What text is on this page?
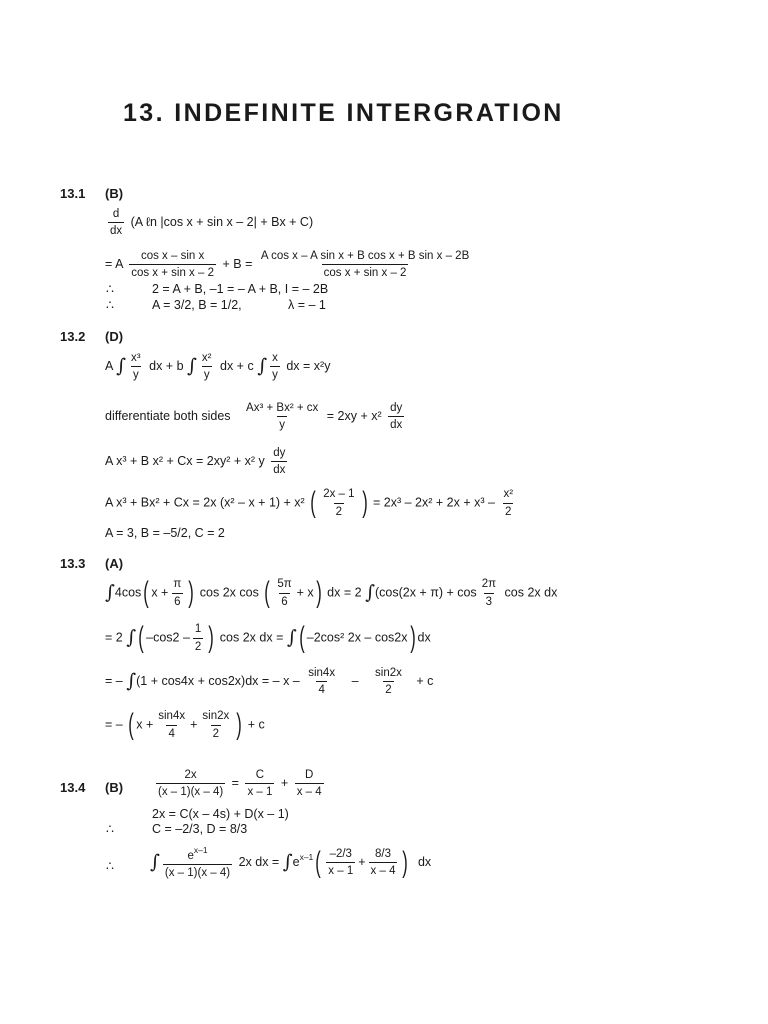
13. INDEFINITE INTERGRATION
13.1 (B)
$\frac{d}{dx} (A$ ℓn |cos x + sin x – 2| + Bx + C)
= A $\frac{\text{cos x – sin x}}{\text{cos x + sin x – 2}} + B = \frac{\text{A cos x – A sin x + B cos x + B sin x – 2B}}{\text{cos x + sin x – 2}}$
∴	2 = A + B, –1 = – A + B, I = – 2B
∴	A = 3/2, B = 1/2,	λ = – 1
13.2 (D)
A ∫ $\frac{\text{x³}}{y}$ dx + b ∫ $\frac{\text{x²}}{y}$ dx + c ∫ $\frac{x}{y}$ dx = x²y
differentiate both sides $\frac{\text{Ax³ + Bx² + cx}}{y} = 2xy + x^2 \frac{dy}{dx}$
A x³ + B x² + Cx = 2xy² + x² y $\frac{dy}{dx}$
A x³ + Bx² + Cx = 2x (x² – x + 1) + x² ( $\frac{2x - 1}{2}$ ) = $2x^3 - 2x^2 + 2x + x^3 - \frac{\text{x²}}{2}$
A = 3, B = –5/2, C = 2
13.3 (A)
∫4cos( $x + \frac{\pi}{6}$ ) cos 2x cos ( $\frac{5\pi}{6} + x$) dx = 2 $\int(\cos(2x + \pi) + \cos \frac{2\pi}{3}$ cos 2x dx
= 2 ∫( $-\cos 2 - \frac{1}{2}$ ) cos 2x dx = ∫( –2cos² 2x – cos2x) dx
= – ∫(1 + cos4x + cos2x)dx = – $x - \frac{\sin 4x}{4} - \frac{\sin 2x}{2} + c$
= – ( $x + \frac{\sin 4x}{4} + \frac{\sin 2x}{2}$ ) + c
13.4 (B)	$\frac{2x}{(x - 1)(x - 4)} = \frac{C}{x - 1} + \frac{D}{x - 4}$
2x = C(x – 4s) + D(x – 1)
∴	C = –2/3, D = 8/3
∴ ∫ $\frac{e^{x-1}}{(x - 1)(x - 4)} 2x$ dx = $\int e^{x-1}( \frac{-2/3}{x - 1} + \frac{8/3}{x - 4}$ ) dx
